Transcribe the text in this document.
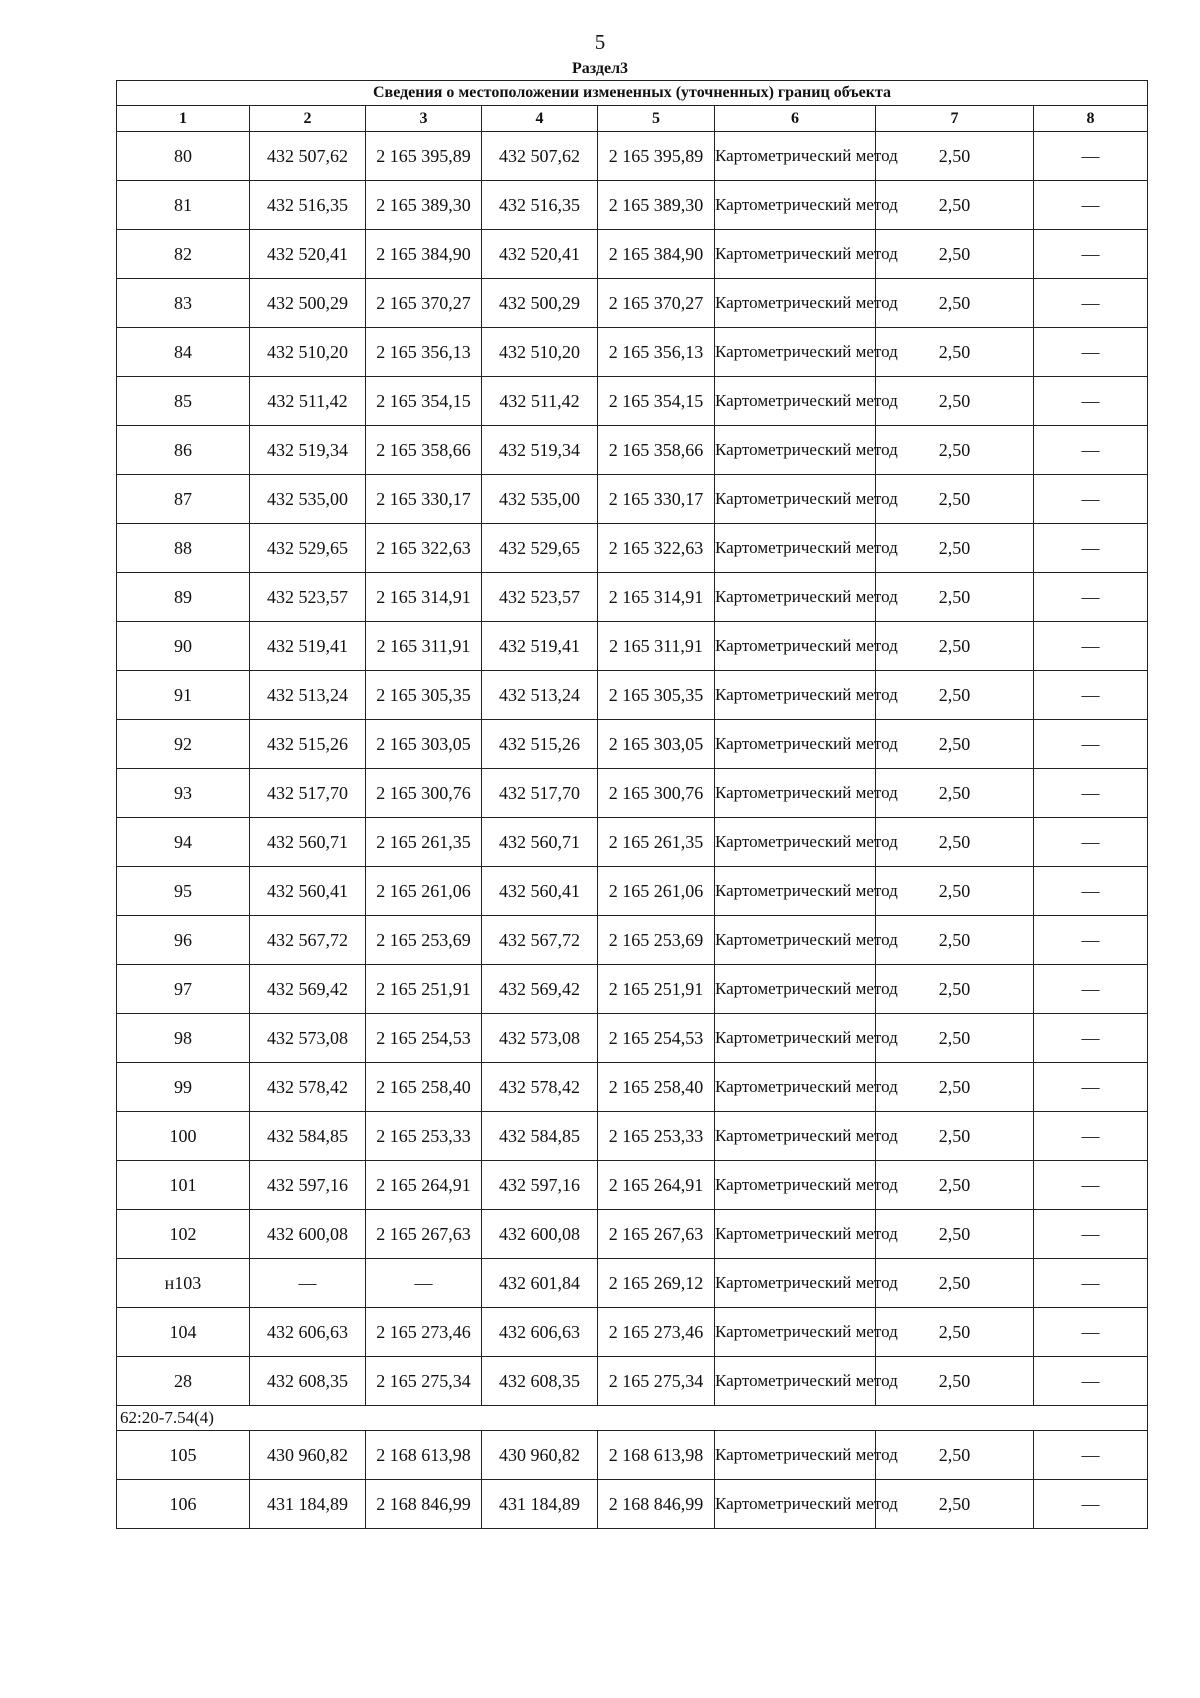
5
Раздел3
Сведения о местоположении измененных (уточненных) границ объекта							
1	2	3	4	5	6	7	8
80	432 507,62	2 165 395,89	432 507,62	2 165 395,89	Картометрический метод	2,50	—
81	432 516,35	2 165 389,30	432 516,35	2 165 389,30	Картометрический метод	2,50	—
82	432 520,41	2 165 384,90	432 520,41	2 165 384,90	Картометрический метод	2,50	—
83	432 500,29	2 165 370,27	432 500,29	2 165 370,27	Картометрический метод	2,50	—
84	432 510,20	2 165 356,13	432 510,20	2 165 356,13	Картометрический метод	2,50	—
85	432 511,42	2 165 354,15	432 511,42	2 165 354,15	Картометрический метод	2,50	—
86	432 519,34	2 165 358,66	432 519,34	2 165 358,66	Картометрический метод	2,50	—
87	432 535,00	2 165 330,17	432 535,00	2 165 330,17	Картометрический метод	2,50	—
88	432 529,65	2 165 322,63	432 529,65	2 165 322,63	Картометрический метод	2,50	—
89	432 523,57	2 165 314,91	432 523,57	2 165 314,91	Картометрический метод	2,50	—
90	432 519,41	2 165 311,91	432 519,41	2 165 311,91	Картометрический метод	2,50	—
91	432 513,24	2 165 305,35	432 513,24	2 165 305,35	Картометрический метод	2,50	—
92	432 515,26	2 165 303,05	432 515,26	2 165 303,05	Картометрический метод	2,50	—
93	432 517,70	2 165 300,76	432 517,70	2 165 300,76	Картометрический метод	2,50	—
94	432 560,71	2 165 261,35	432 560,71	2 165 261,35	Картометрический метод	2,50	—
95	432 560,41	2 165 261,06	432 560,41	2 165 261,06	Картометрический метод	2,50	—
96	432 567,72	2 165 253,69	432 567,72	2 165 253,69	Картометрический метод	2,50	—
97	432 569,42	2 165 251,91	432 569,42	2 165 251,91	Картометрический метод	2,50	—
98	432 573,08	2 165 254,53	432 573,08	2 165 254,53	Картометрический метод	2,50	—
99	432 578,42	2 165 258,40	432 578,42	2 165 258,40	Картометрический метод	2,50	—
100	432 584,85	2 165 253,33	432 584,85	2 165 253,33	Картометрический метод	2,50	—
101	432 597,16	2 165 264,91	432 597,16	2 165 264,91	Картометрический метод	2,50	—
102	432 600,08	2 165 267,63	432 600,08	2 165 267,63	Картометрический метод	2,50	—
н103	—	—	432 601,84	2 165 269,12	Картометрический метод	2,50	—
104	432 606,63	2 165 273,46	432 606,63	2 165 273,46	Картометрический метод	2,50	—
28	432 608,35	2 165 275,34	432 608,35	2 165 275,34	Картометрический метод	2,50	—
62:20-7.54(4)							
105	430 960,82	2 168 613,98	430 960,82	2 168 613,98	Картометрический метод	2,50	—
106	431 184,89	2 168 846,99	431 184,89	2 168 846,99	Картометрический метод	2,50	—
